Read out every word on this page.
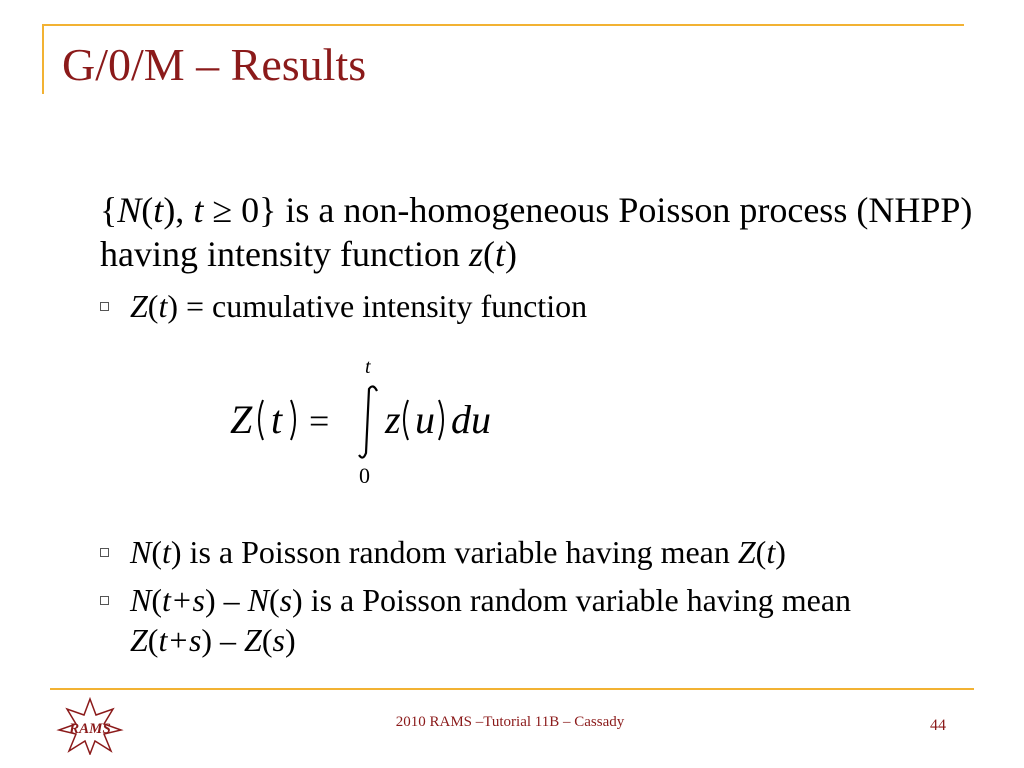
G/0/M – Results
{N(t), t ≥ 0} is a non-homogeneous Poisson process (NHPP) having intensity function z(t)
Z(t) = cumulative intensity function
t
Z t = z u du
0
N(t) is a Poisson random variable having mean Z(t)
N(t+s) – N(s) is a Poisson random variable having mean
Z(t+s) – Z(s)
RAMS	2010 RAMS –Tutorial 11B – Cassady	44
